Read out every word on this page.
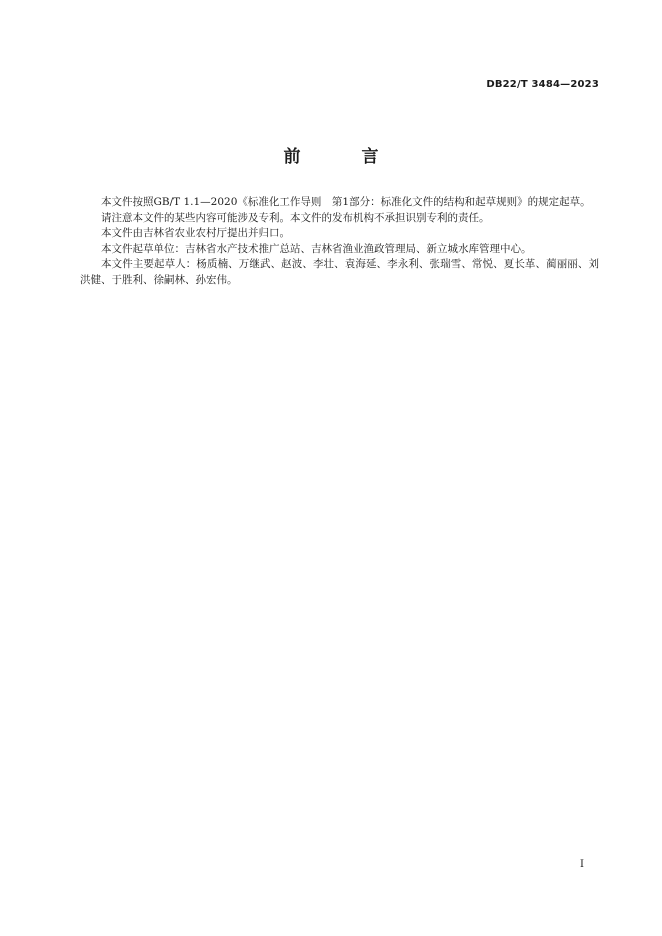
DB22/T 3484—2023
前　言

本文件按照GB/T 1.1—2020《标准化工作导则　第1部分：标准化文件的结构和起草规则》的规定起草。

请注意本文件的某些内容可能涉及专利。本文件的发布机构不承担识别专利的责任。

本文件由吉林省农业农村厅提出并归口。

本文件起草单位：吉林省水产技术推广总站、吉林省渔业渔政管理局、新立城水库管理中心。

本文件主要起草人：杨质楠、万继武、赵波、李壮、袁海延、李永利、张瑞雪、常悦、夏长革、蔺丽丽、刘洪健、于胜利、徐嗣林、孙宏伟。

I
